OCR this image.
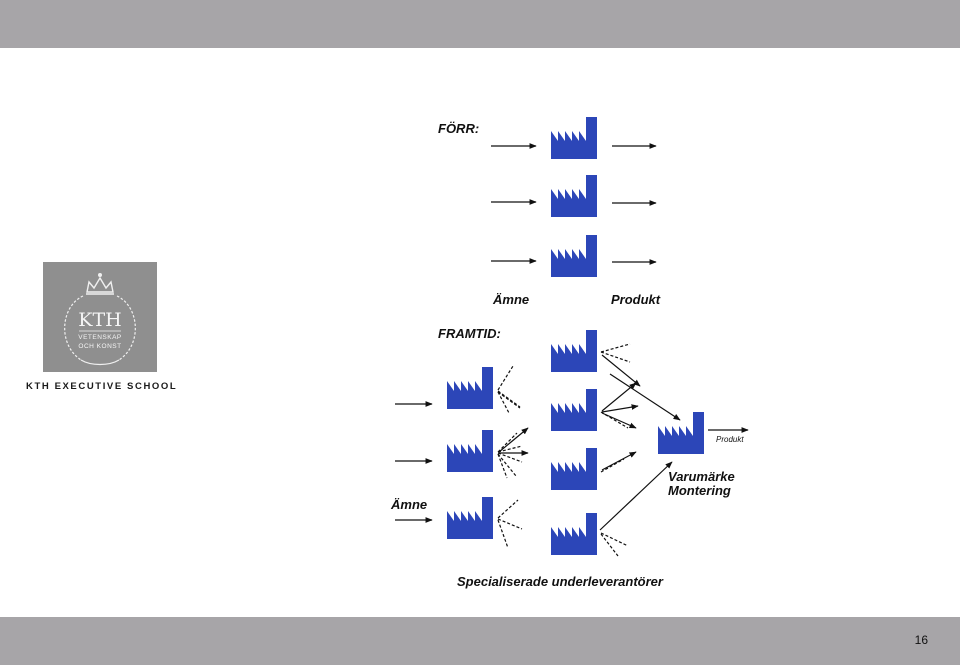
KTH
VETENSKAP
OCH KONST
KTH EXECUTIVE SCHOOL
FÖRR:
Ämne	Produkt
FRAMTID:
Produkt
Varumärke
Montering
Ämne
Specialiserade underleverantörer
16
